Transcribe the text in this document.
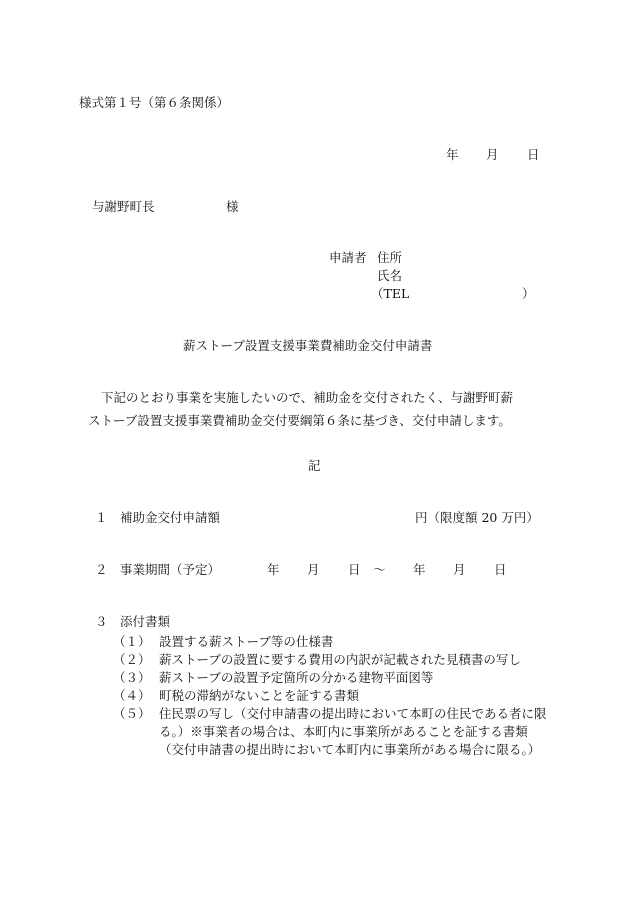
様式第１号（第６条関係）
年 月 日
与謝野町長	様
申請者 住所
氏名
（TEL	）
薪ストーブ設置支援事業費補助金交付申請書

下記のとおり事業を実施したいので、補助金を交付されたく、与謝野町薪

ストーブ設置支援事業費補助金交付要綱第６条に基づき、交付申請します。

記
１ 補助金交付申請額	円（限度額 20 万円）
２ 事業期間（予定）	年 月 日 ～ 年 月 日
３ 添付書類
（１） 設置する薪ストーブ等の仕様書
（２） 薪ストーブの設置に要する費用の内訳が記載された見積書の写し
（３） 薪ストーブの設置予定箇所の分かる建物平面図等
（４） 町税の滞納がないことを証する書類
（５） 住民票の写し（交付申請書の提出時において本町の住民である者に限る。）※事業者の場合は、本町内に事業所があることを証する書類（交付申請書の提出時において本町内に事業所がある場合に限る。）
